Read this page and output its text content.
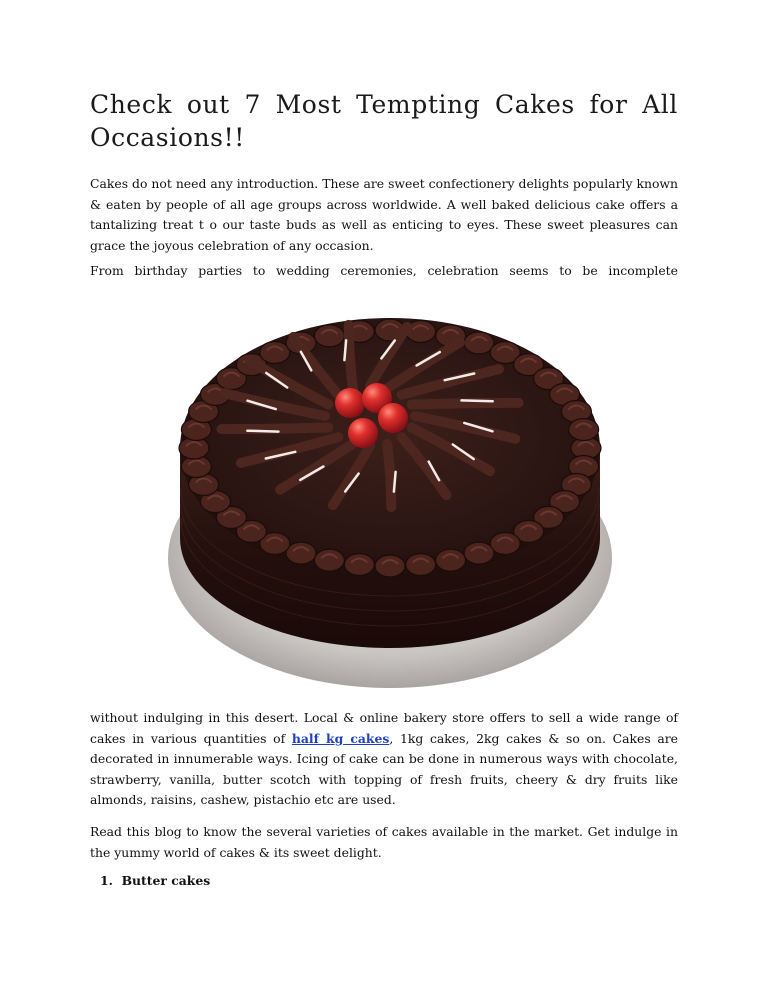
Check out 7 Most Tempting Cakes for All Occasions!!

Cakes do not need any introduction. These are sweet confectionery delights popularly known & eaten by people of all age groups across worldwide. A well baked delicious cake offers a tantalizing treat t o our taste buds as well as enticing to eyes. These sweet pleasures can grace the joyous celebration of any occasion.

From birthday parties to wedding ceremonies, celebration seems to be incomplete

without indulging in this desert. Local & online bakery store offers to sell a wide range of cakes in various quantities of half kg cakes, 1kg cakes, 2kg cakes & so on. Cakes are decorated in innumerable ways. Icing of cake can be done in numerous ways with chocolate, strawberry, vanilla, butter scotch with topping of fresh fruits, cheery & dry fruits like almonds, raisins, cashew, pistachio etc are used.

Read this blog to know the several varieties of cakes available in the market. Get indulge in the yummy world of cakes & its sweet delight.

1. Butter cakes
